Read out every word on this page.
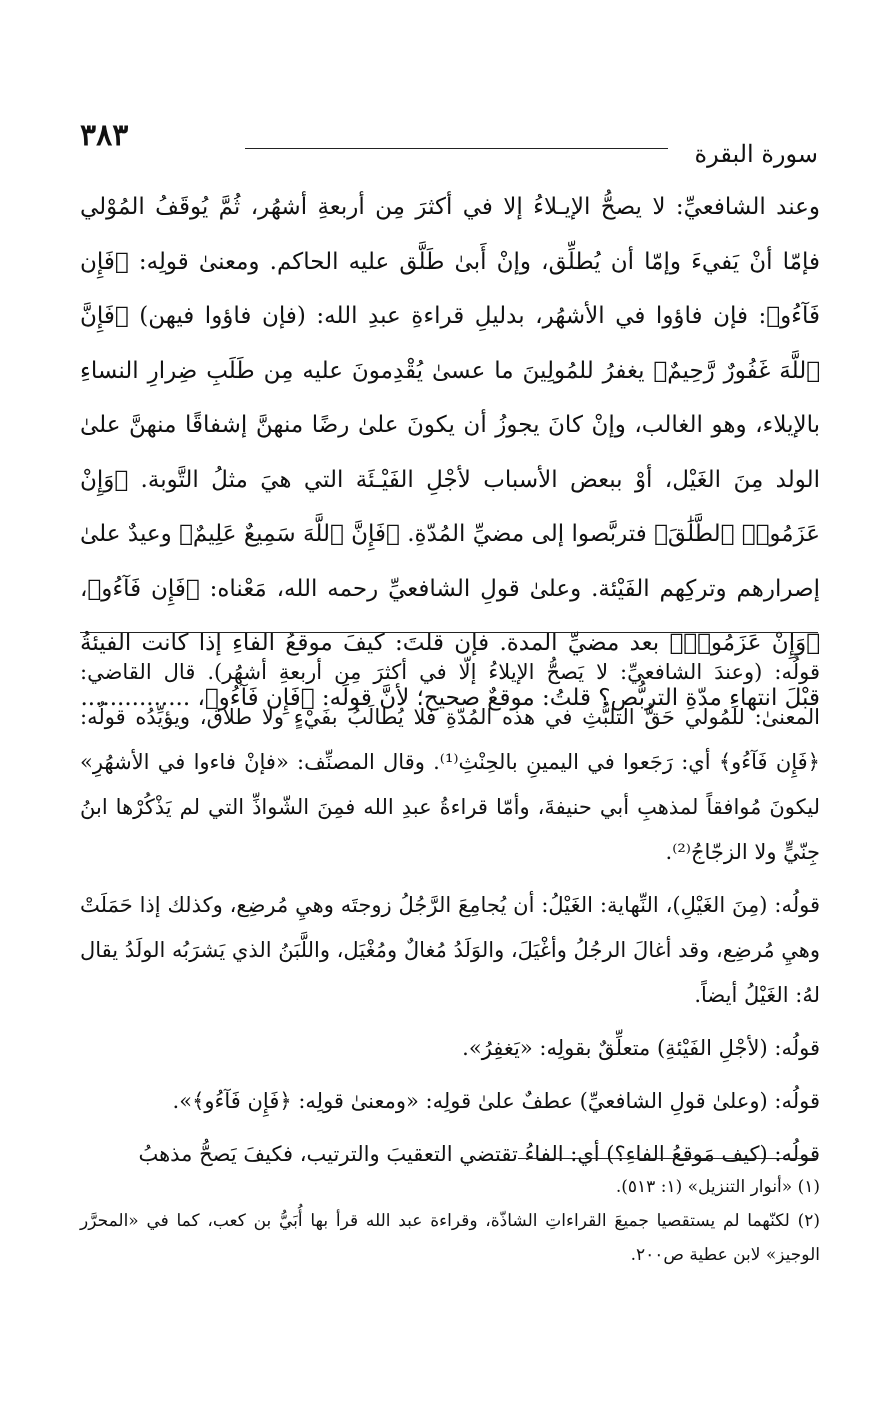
٣٨٣
سورة البقرة

وعند الشافعيِّ: لا يصحُّ الإيـلاءُ إلا في أكثرَ مِن أربعةِ أشهُر، ثُمَّ يُوقَفُ المُوْلي فإمّا أنْ يَفيءَ وإمّا أن يُطلِّق، وإنْ أَبىٰ طَلَّق عليه الحاكم. ومعنىٰ قولِه: ﴿فَإِن فَآءُو﴾: فإن فاؤوا في الأشهُر، بدليلِ قراءةِ عبدِ الله: (فإن فاؤوا فيهن) ﴿فَإِنَّ ٱللَّهَ غَفُورٌ رَّحِيمٌ﴾ يغفرُ للمُولِينَ ما عسىٰ يُقْدِمونَ عليه مِن طَلَبِ ضِرارِ النساءِ بالإيلاء، وهو الغالب، وإنْ كانَ يجوزُ أن يكونَ علىٰ رضًا منهنَّ إشفاقًا منهنَّ علىٰ الولد مِنَ الغَيْل، أوْ ببعض الأسباب لأجْلِ الفَيْـئَة التي هيَ مثلُ التَّوبة. ﴿وَإِنْ عَزَمُوا۟ ٱلطَّلَٰقَ﴾ فتربَّصوا إلى مضيِّ المُدّةِ. ﴿فَإِنَّ ٱللَّهَ سَمِيعٌ عَلِيمٌ﴾ وعيدٌ علىٰ إصرارهم وتركِهم الفَيْئة. وعلىٰ قولِ الشافعيِّ رحمه الله، مَعْناه: ﴿فَإِن فَآءُو﴾، ﴿وَإِنْ عَزَمُوا۟﴾ بعد مضيِّ المدة. فإن قلتَ: كيفَ موقعُ الفاءِ إذا كانت الفيئةُ قبْلَ انتهاءِ مدّةِ التربُّص؟ قلتُ: موقعٌ صحيح؛ لأنَّ قولَه: ﴿فَإِن فَآءُو﴾، ...............

قولُه: (وعندَ الشافعيِّ: لا يَصحُّ الإيلاءُ إلّا في أكثرَ مِن أربعةِ أشهُر). قال القاضي: المعنىٰ: للمُولي حَقُّ التلبُّثِ في هذه المُدّةِ فلا يُطالَبُ بفَيْءٍ ولا طلاق، ويؤيِّدُه قولُه: ﴿فَإِن فَآءُو﴾ أي: رَجَعوا في اليمينِ بالحِنْثِ⁽¹⁾. وقال المصنِّف: «فإنْ فاءوا في الأشهُرِ» ليكونَ مُوافقاً لمذهبِ أبي حنيفةَ، وأمّا قراءةُ عبدِ الله فمِنَ الشّواذِّ التي لم يَذْكُرْها ابنُ جِنّيٍّ ولا الزجّاجُ⁽²⁾.

قولُه: (مِنَ الغَيْلِ)، النِّهاية: الغَيْلُ: أن يُجامِعَ الرَّجُلُ زوجتَه وهيِ مُرضِع، وكذلك إذا حَمَلَتْ وهيِ مُرضِع، وقد أغالَ الرجُلُ وأغْيَلَ، والوَلَدُ مُغالٌ ومُغْيَل، واللَّبَنُ الذي يَشرَبُه الولَدُ يقال لهُ: الغَيْلُ أيضاً.

قولُه: (لأجْلِ الفَيْئةِ) متعلِّقٌ بقولِه: «يَغفِرُ».

قولُه: (وعلىٰ قولِ الشافعيِّ) عطفٌ علىٰ قولِه: «ومعنىٰ قولِه: ﴿فَإِن فَآءُو﴾».

قولُه: (كيف مَوقعُ الفاءِ؟) أي: الفاءُ تقتضي التعقيبَ والترتيب، فكيفَ يَصحُّ مذهبُ

(١) «أنوار التنزيل» (١: ٥١٣).

(٢) لكنّهما لم يستقصيا جميعَ القراءاتِ الشاذّة، وقراءة عبد الله قرأ بها أُبَيُّ بن كعب، كما في «المحرَّر الوجيز» لابن عطية ص٢٠٠.
